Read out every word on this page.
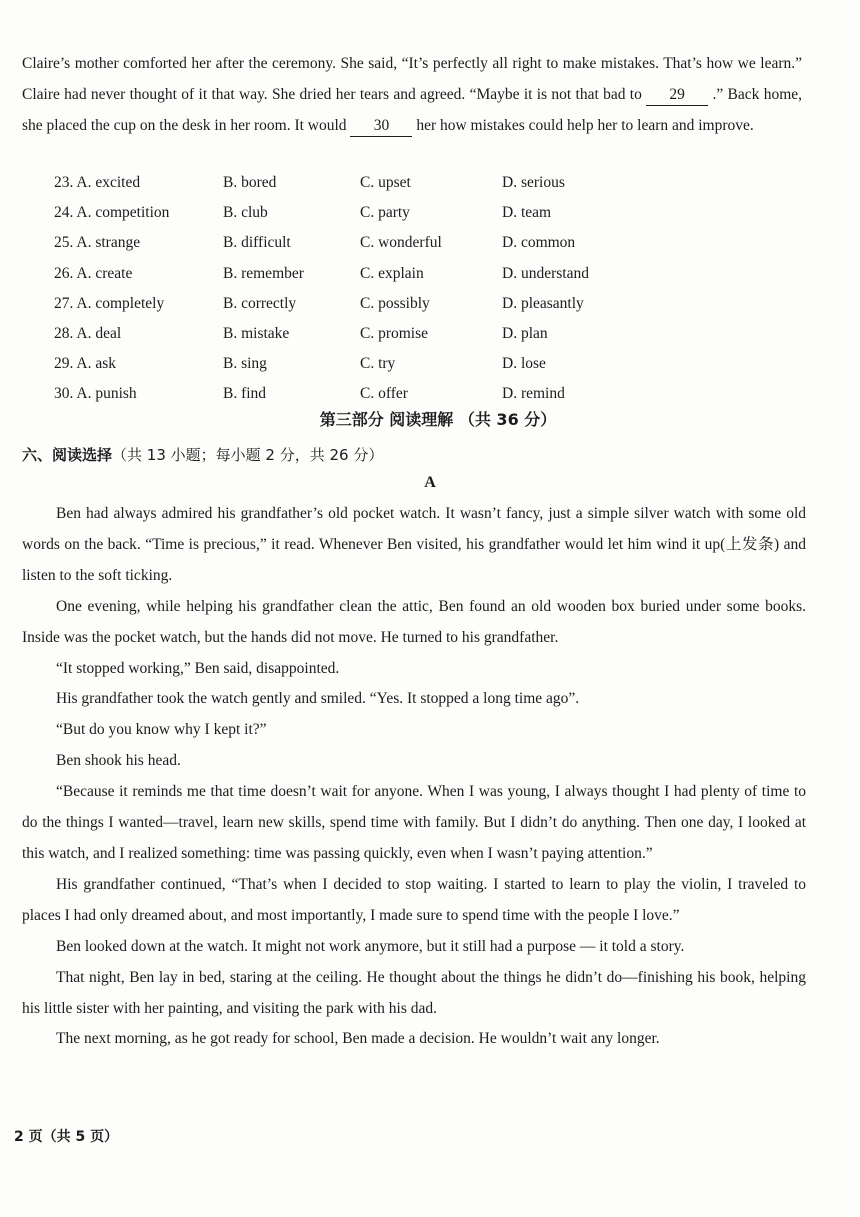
Claire’s mother comforted her after the ceremony. She said, “It’s perfectly all right to make mistakes. That’s how we learn.” Claire had never thought of it that way. She dried her tears and agreed. “Maybe it is not that bad to 29 .” Back home, she placed the cup on the desk in her room. It would 30 her how mistakes could help her to learn and improve.

23. A. excited	B. bored	C. upset	D. serious
24. A. competition	B. club	C. party	D. team
25. A. strange	B. difficult	C. wonderful	D. common
26. A. create	B. remember	C. explain	D. understand
27. A. completely	B. correctly	C. possibly	D. pleasantly
28. A. deal	B. mistake	C. promise	D. plan
29. A. ask	B. sing	C. try	D. lose
30. A. punish	B. find	C. offer	D. remind
第三部分 阅读理解 （共 36 分）
六、阅读选择（共 13 小题；每小题 2 分，共 26 分）
A

Ben had always admired his grandfather’s old pocket watch. It wasn’t fancy, just a simple silver watch with some old words on the back. “Time is precious,” it read. Whenever Ben visited, his grandfather would let him wind it up(上发条) and listen to the soft ticking.

One evening, while helping his grandfather clean the attic, Ben found an old wooden box buried under some books. Inside was the pocket watch, but the hands did not move. He turned to his grandfather.

“It stopped working,” Ben said, disappointed.

His grandfather took the watch gently and smiled. “Yes. It stopped a long time ago”.

“But do you know why I kept it?”

Ben shook his head.

“Because it reminds me that time doesn’t wait for anyone. When I was young, I always thought I had plenty of time to do the things I wanted—travel, learn new skills, spend time with family. But I didn’t do anything. Then one day, I looked at this watch, and I realized something: time was passing quickly, even when I wasn’t paying attention.”

His grandfather continued, “That’s when I decided to stop waiting. I started to learn to play the violin, I traveled to places I had only dreamed about, and most importantly, I made sure to spend time with the people I love.”

Ben looked down at the watch. It might not work anymore, but it still had a purpose — it told a story.

That night, Ben lay in bed, staring at the ceiling. He thought about the things he didn’t do—finishing his book, helping his little sister with her painting, and visiting the park with his dad.

The next morning, as he got ready for school, Ben made a decision. He wouldn’t wait any longer.

2 页（共 5 页）
